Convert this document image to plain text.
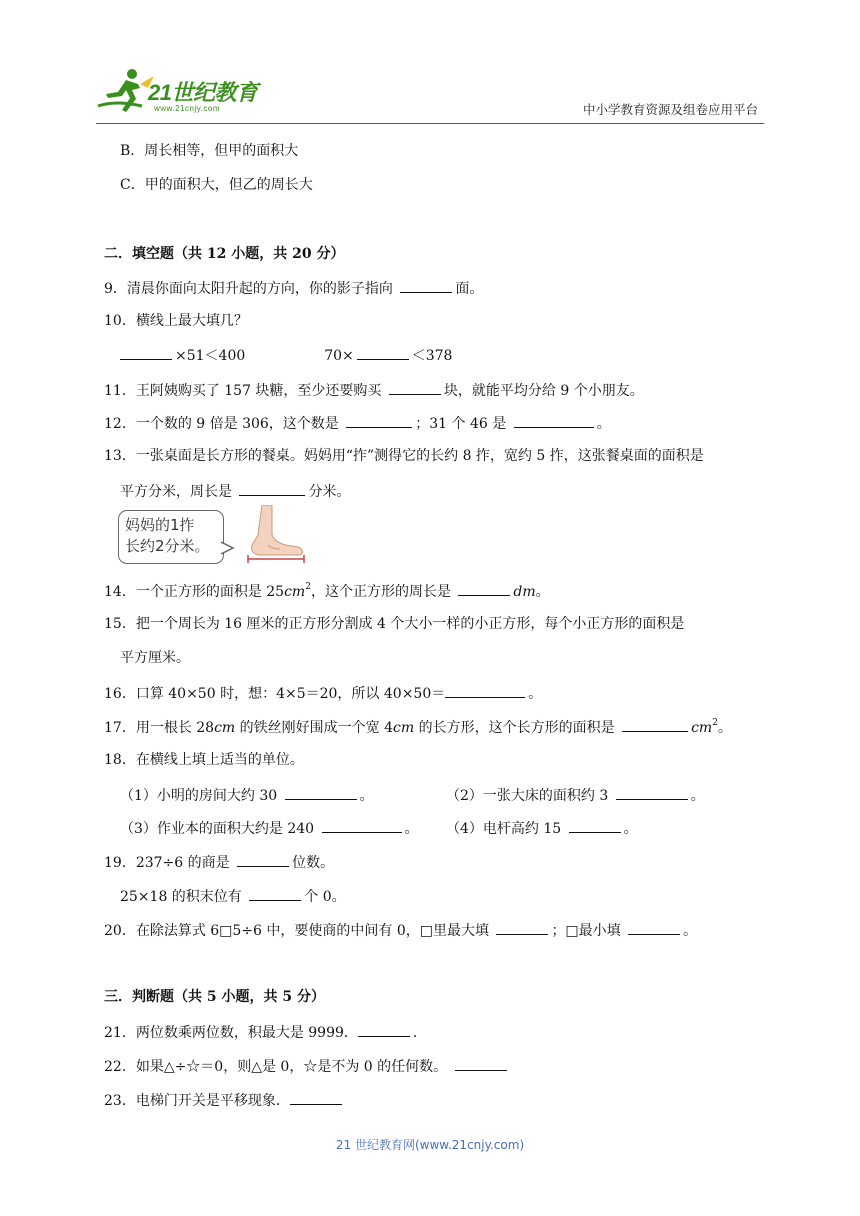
21世纪教育
www.21cnjy.com	中小学教育资源及组卷应用平台
B．周长相等，但甲的面积大
C．甲的面积大，但乙的周长大
二．填空题（共 12 小题，共 20 分）
9．清晨你面向太阳升起的方向，你的影子指向	面。
10．横线上最大填几？
×51＜400	70×	＜378
11．王阿姨购买了 157 块糖，至少还要购买	块，就能平均分给 9 个小朋友。
12．一个数的 9 倍是 306，这个数是	；31 个 46 是	。
13．一张桌面是长方形的餐桌。妈妈用“拃”测得它的长约 8 拃，宽约 5 拃，这张餐桌面的面积是
平方分米，周长是	分米。
妈妈的1拃
长约2分米。
14．一个正方形的面积是 $25cm^2$，这个正方形的周长是	dm。
15．把一个周长为 16 厘米的正方形分割成 4 个大小一样的小正方形，每个小正方形的面积是
平方厘米。
16．口算 40×50 时，想：4×5＝20，所以 40×50＝	。
17．用一根长 28cm 的铁丝刚好围成一个宽 4cm 的长方形，这个长方形的面积是	$cm^2$。
18．在横线上填上适当的单位。
（1）小明的房间大约 30	。	（2）一张大床的面积约 3	。
（3）作业本的面积大约是 240	。 （4）电杆高约 15	。
19．237÷6 的商是	位数。
25×18 的积末位有	个 0。
20．在除法算式 6□5÷6 中，要使商的中间有 0，□里最大填	；□最小填	。
三．判断题（共 5 小题，共 5 分）
21．两位数乘两位数，积最大是 9999．	.
22．如果△÷☆＝0，则△是 0，☆是不为 0 的任何数。
23．电梯门开关是平移现象．
21 世纪教育网(www.21cnjy.com)
